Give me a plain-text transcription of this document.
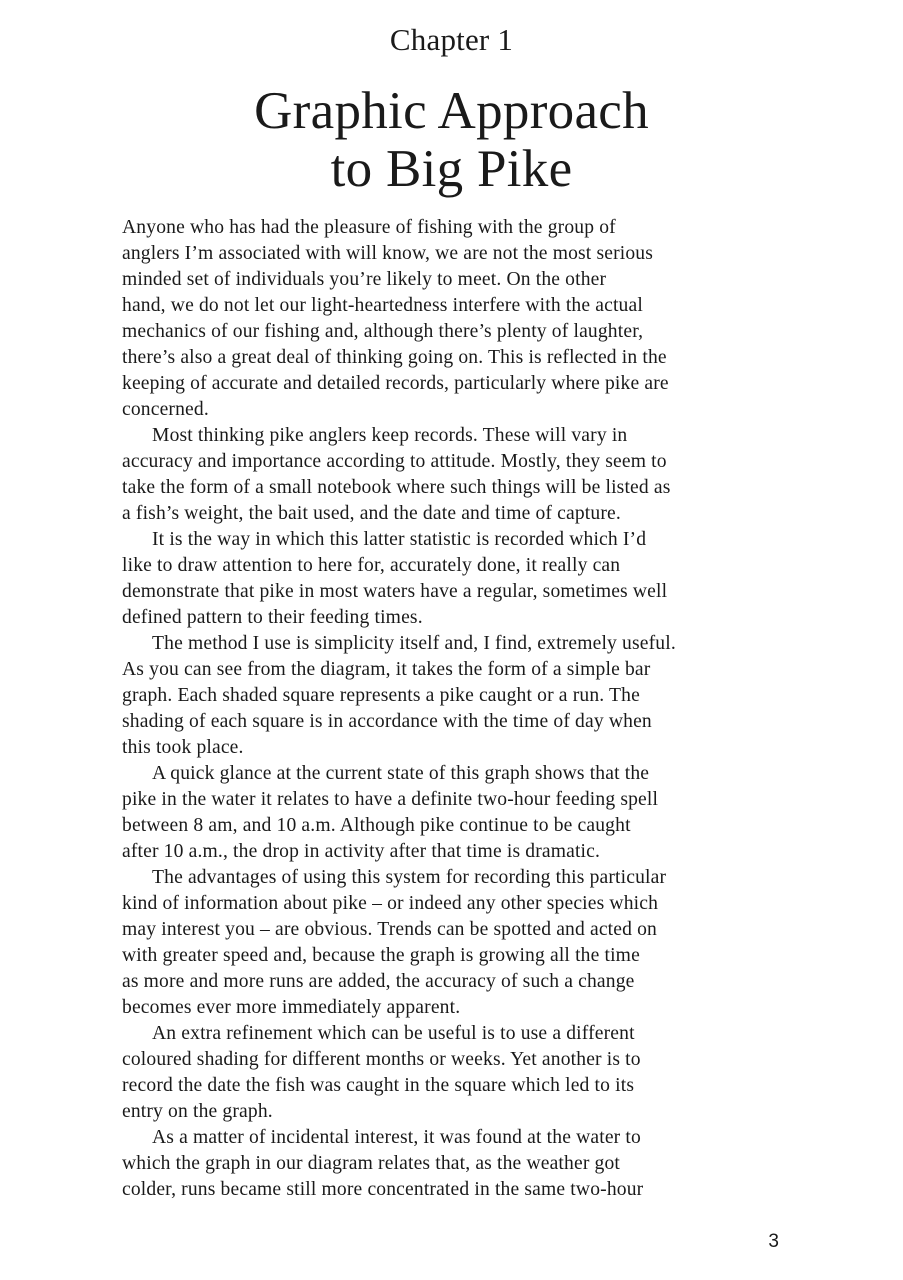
Chapter 1
Graphic Approach
to Big Pike
Anyone who has had the pleasure of fishing with the group of
anglers I’m associated with will know, we are not the most serious
minded set of individuals you’re likely to meet. On the other
hand, we do not let our light-heartedness interfere with the actual
mechanics of our fishing and, although there’s plenty of laughter,
there’s also a great deal of thinking going on. This is reflected in the
keeping of accurate and detailed records, particularly where pike are
concerned.
Most thinking pike anglers keep records. These will vary in
accuracy and importance according to attitude. Mostly, they seem to
take the form of a small notebook where such things will be listed as
a fish’s weight, the bait used, and the date and time of capture.
It is the way in which this latter statistic is recorded which I’d
like to draw attention to here for, accurately done, it really can
demonstrate that pike in most waters have a regular, sometimes well
defined pattern to their feeding times.
The method I use is simplicity itself and, I find, extremely useful.
As you can see from the diagram, it takes the form of a simple bar
graph. Each shaded square represents a pike caught or a run. The
shading of each square is in accordance with the time of day when
this took place.
A quick glance at the current state of this graph shows that the
pike in the water it relates to have a definite two-hour feeding spell
between 8 am, and 10 a.m. Although pike continue to be caught
after 10 a.m., the drop in activity after that time is dramatic.
The advantages of using this system for recording this particular
kind of information about pike – or indeed any other species which
may interest you – are obvious. Trends can be spotted and acted on
with greater speed and, because the graph is growing all the time
as more and more runs are added, the accuracy of such a change
becomes ever more immediately apparent.
An extra refinement which can be useful is to use a different
coloured shading for different months or weeks. Yet another is to
record the date the fish was caught in the square which led to its
entry on the graph.
As a matter of incidental interest, it was found at the water to
which the graph in our diagram relates that, as the weather got
colder, runs became still more concentrated in the same two-hour
3
